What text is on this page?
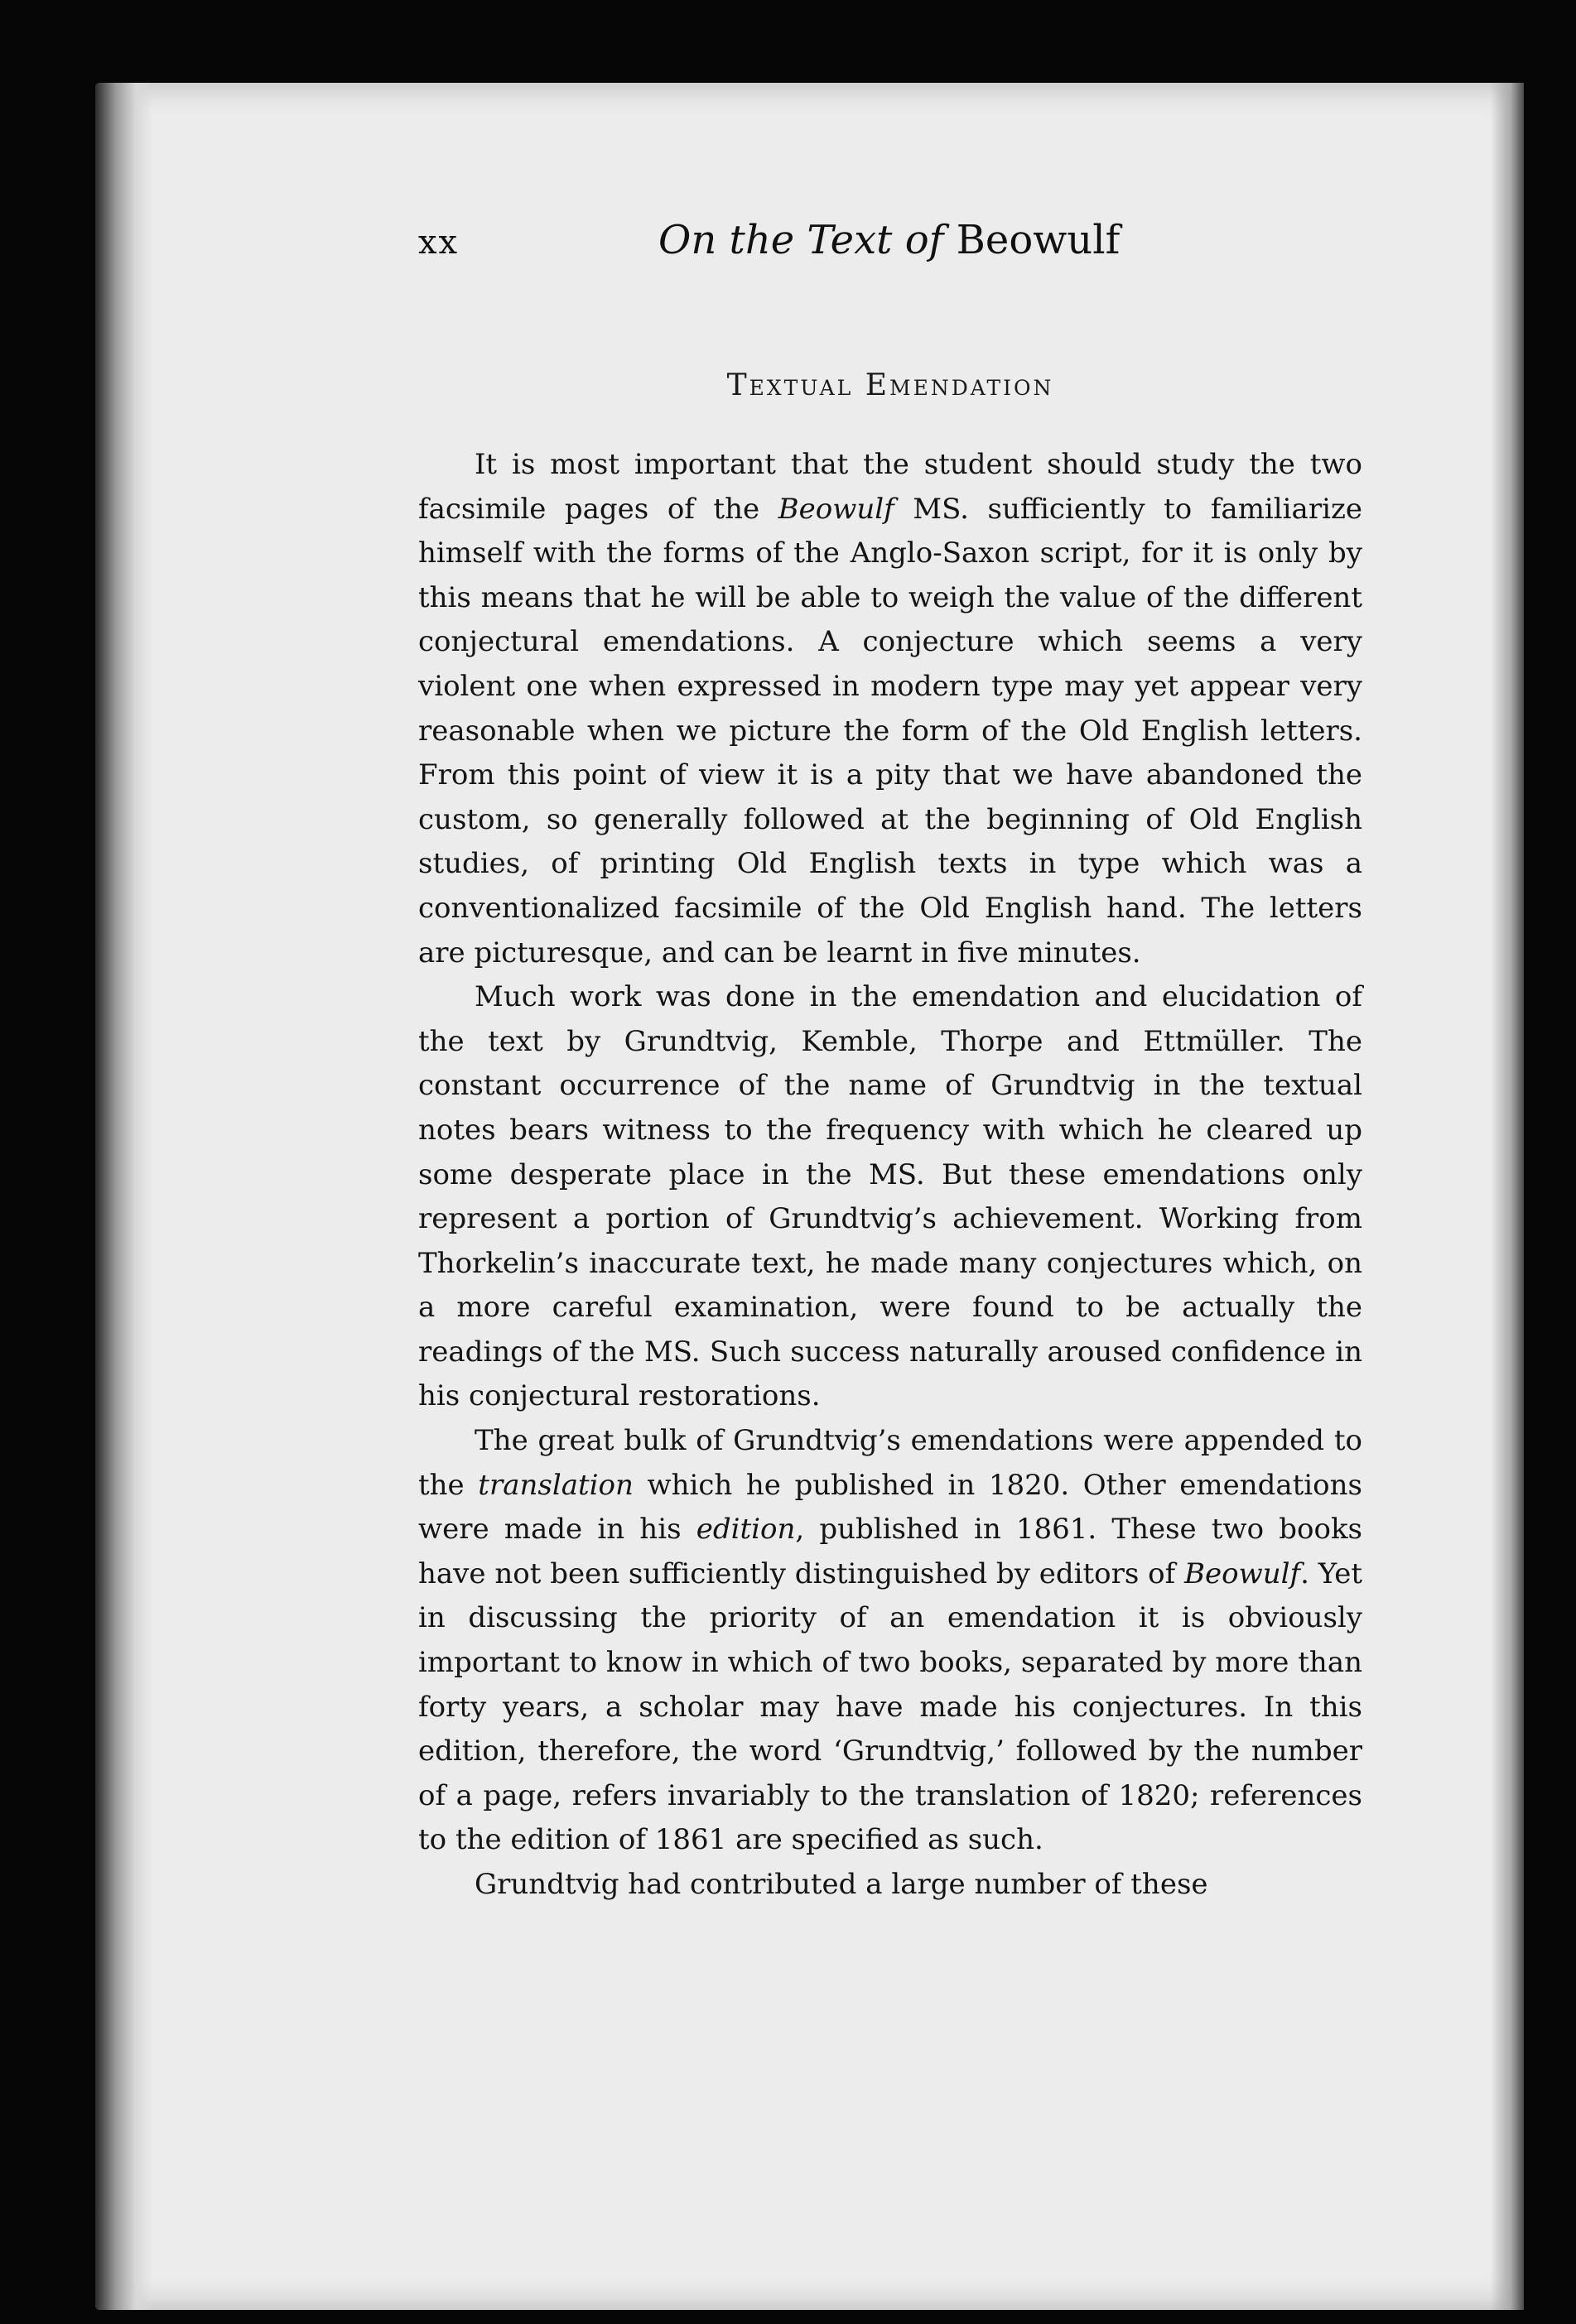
xx	On the Text of Beowulf
Textual Emendation

It is most important that the student should study the two facsimile pages of the Beowulf MS. sufficiently to familiarize himself with the forms of the Anglo-Saxon script, for it is only by this means that he will be able to weigh the value of the different conjectural emendations. A conjecture which seems a very violent one when expressed in modern type may yet appear very reasonable when we picture the form of the Old English letters. From this point of view it is a pity that we have abandoned the custom, so generally followed at the beginning of Old English studies, of printing Old English texts in type which was a conventionalized facsimile of the Old English hand. The letters are picturesque, and can be learnt in five minutes.

Much work was done in the emendation and elucidation of the text by Grundtvig, Kemble, Thorpe and Ettmüller. The constant occurrence of the name of Grundtvig in the textual notes bears witness to the frequency with which he cleared up some desperate place in the MS. But these emendations only represent a portion of Grundtvig’s achievement. Working from Thorkelin’s inaccurate text, he made many conjectures which, on a more careful examination, were found to be actually the readings of the MS. Such success naturally aroused confidence in his conjectural restorations.

The great bulk of Grundtvig’s emendations were appended to the translation which he published in 1820. Other emendations were made in his edition, published in 1861. These two books have not been sufficiently distinguished by editors of Beowulf. Yet in discussing the priority of an emendation it is obviously important to know in which of two books, separated by more than forty years, a scholar may have made his conjectures. In this edition, therefore, the word ‘Grundtvig,’ followed by the number of a page, refers invariably to the translation of 1820; references to the edition of 1861 are specified as such.

Grundtvig had contributed a large number of these
